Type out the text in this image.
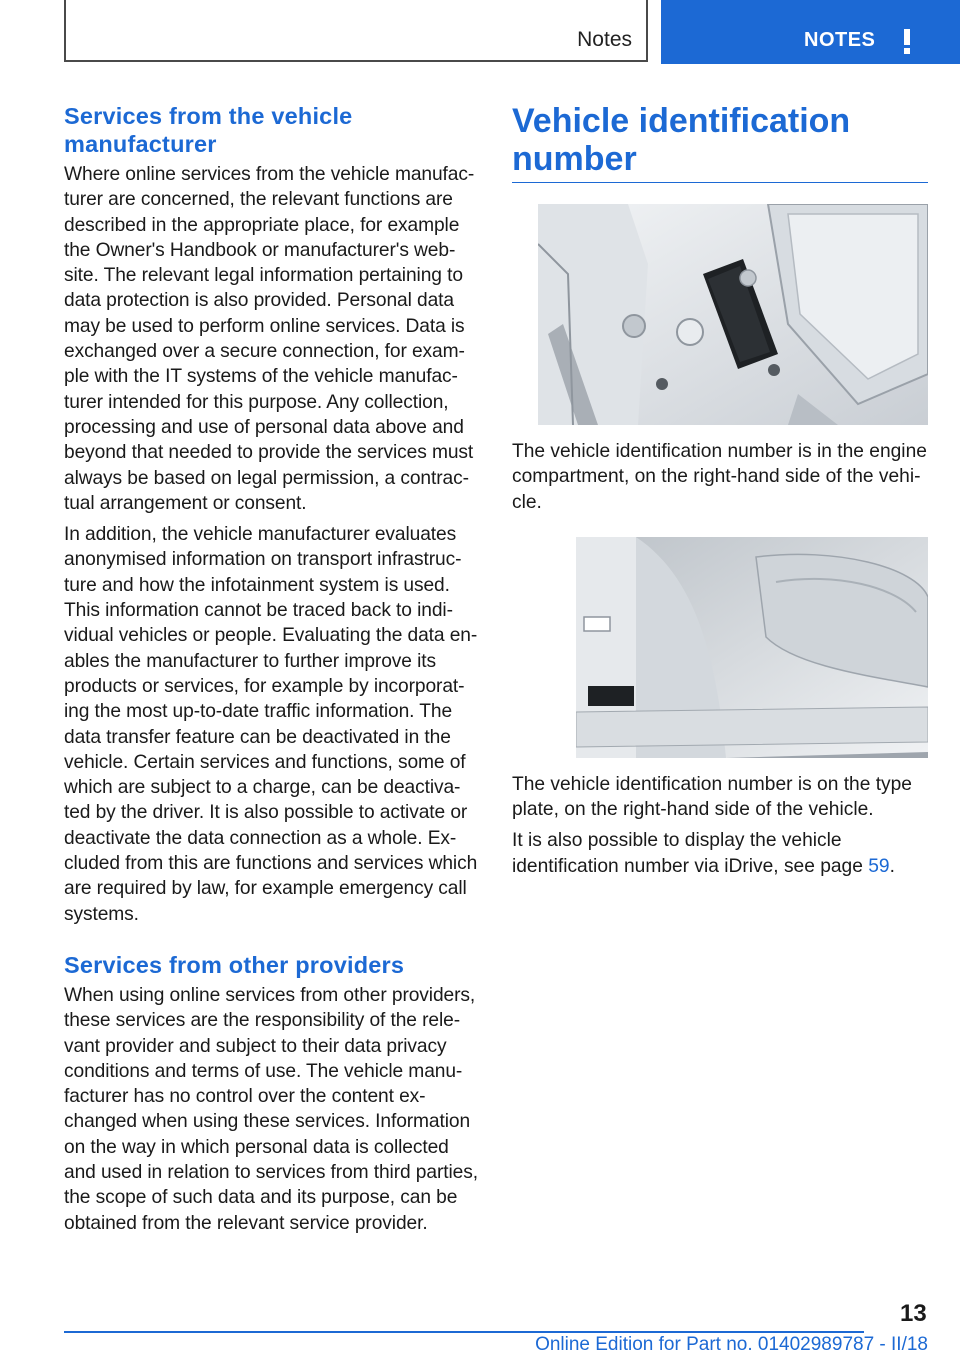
Notes	NOTES
Services from the vehicle manufacturer

Where online services from the vehicle manufacturer are concerned, the relevant functions are described in the appropriate place, for example the Owner's Handbook or manufacturer's website. The relevant legal information pertaining to data protection is also provided. Personal data may be used to perform online services. Data is exchanged over a secure connection, for example with the IT systems of the vehicle manufacturer intended for this purpose. Any collection, processing and use of personal data above and beyond that needed to provide the services must always be based on legal permission, a contractual arrangement or consent.

In addition, the vehicle manufacturer evaluates anonymised information on transport infrastructure and how the infotainment system is used. This information cannot be traced back to individual vehicles or people. Evaluating the data enables the manufacturer to further improve its products or services, for example by incorporating the most up-to-date traffic information. The data transfer feature can be deactivated in the vehicle. Certain services and functions, some of which are subject to a charge, can be deactivated by the driver. It is also possible to activate or deactivate the data connection as a whole. Excluded from this are functions and services which are required by law, for example emergency call systems.

Services from other providers

When using online services from other providers, these services are the responsibility of the relevant provider and subject to their data privacy conditions and terms of use. The vehicle manufacturer has no control over the content exchanged when using these services. Information on the way in which personal data is collected and used in relation to services from third parties, the scope of such data and its purpose, can be obtained from the relevant service provider.

Vehicle identification number

The vehicle identification number is in the engine compartment, on the right-hand side of the vehicle.

The vehicle identification number is on the type plate, on the right-hand side of the vehicle.

It is also possible to display the vehicle identification number via iDrive, see page 59.

13
Online Edition for Part no. 01402989787 - II/18
